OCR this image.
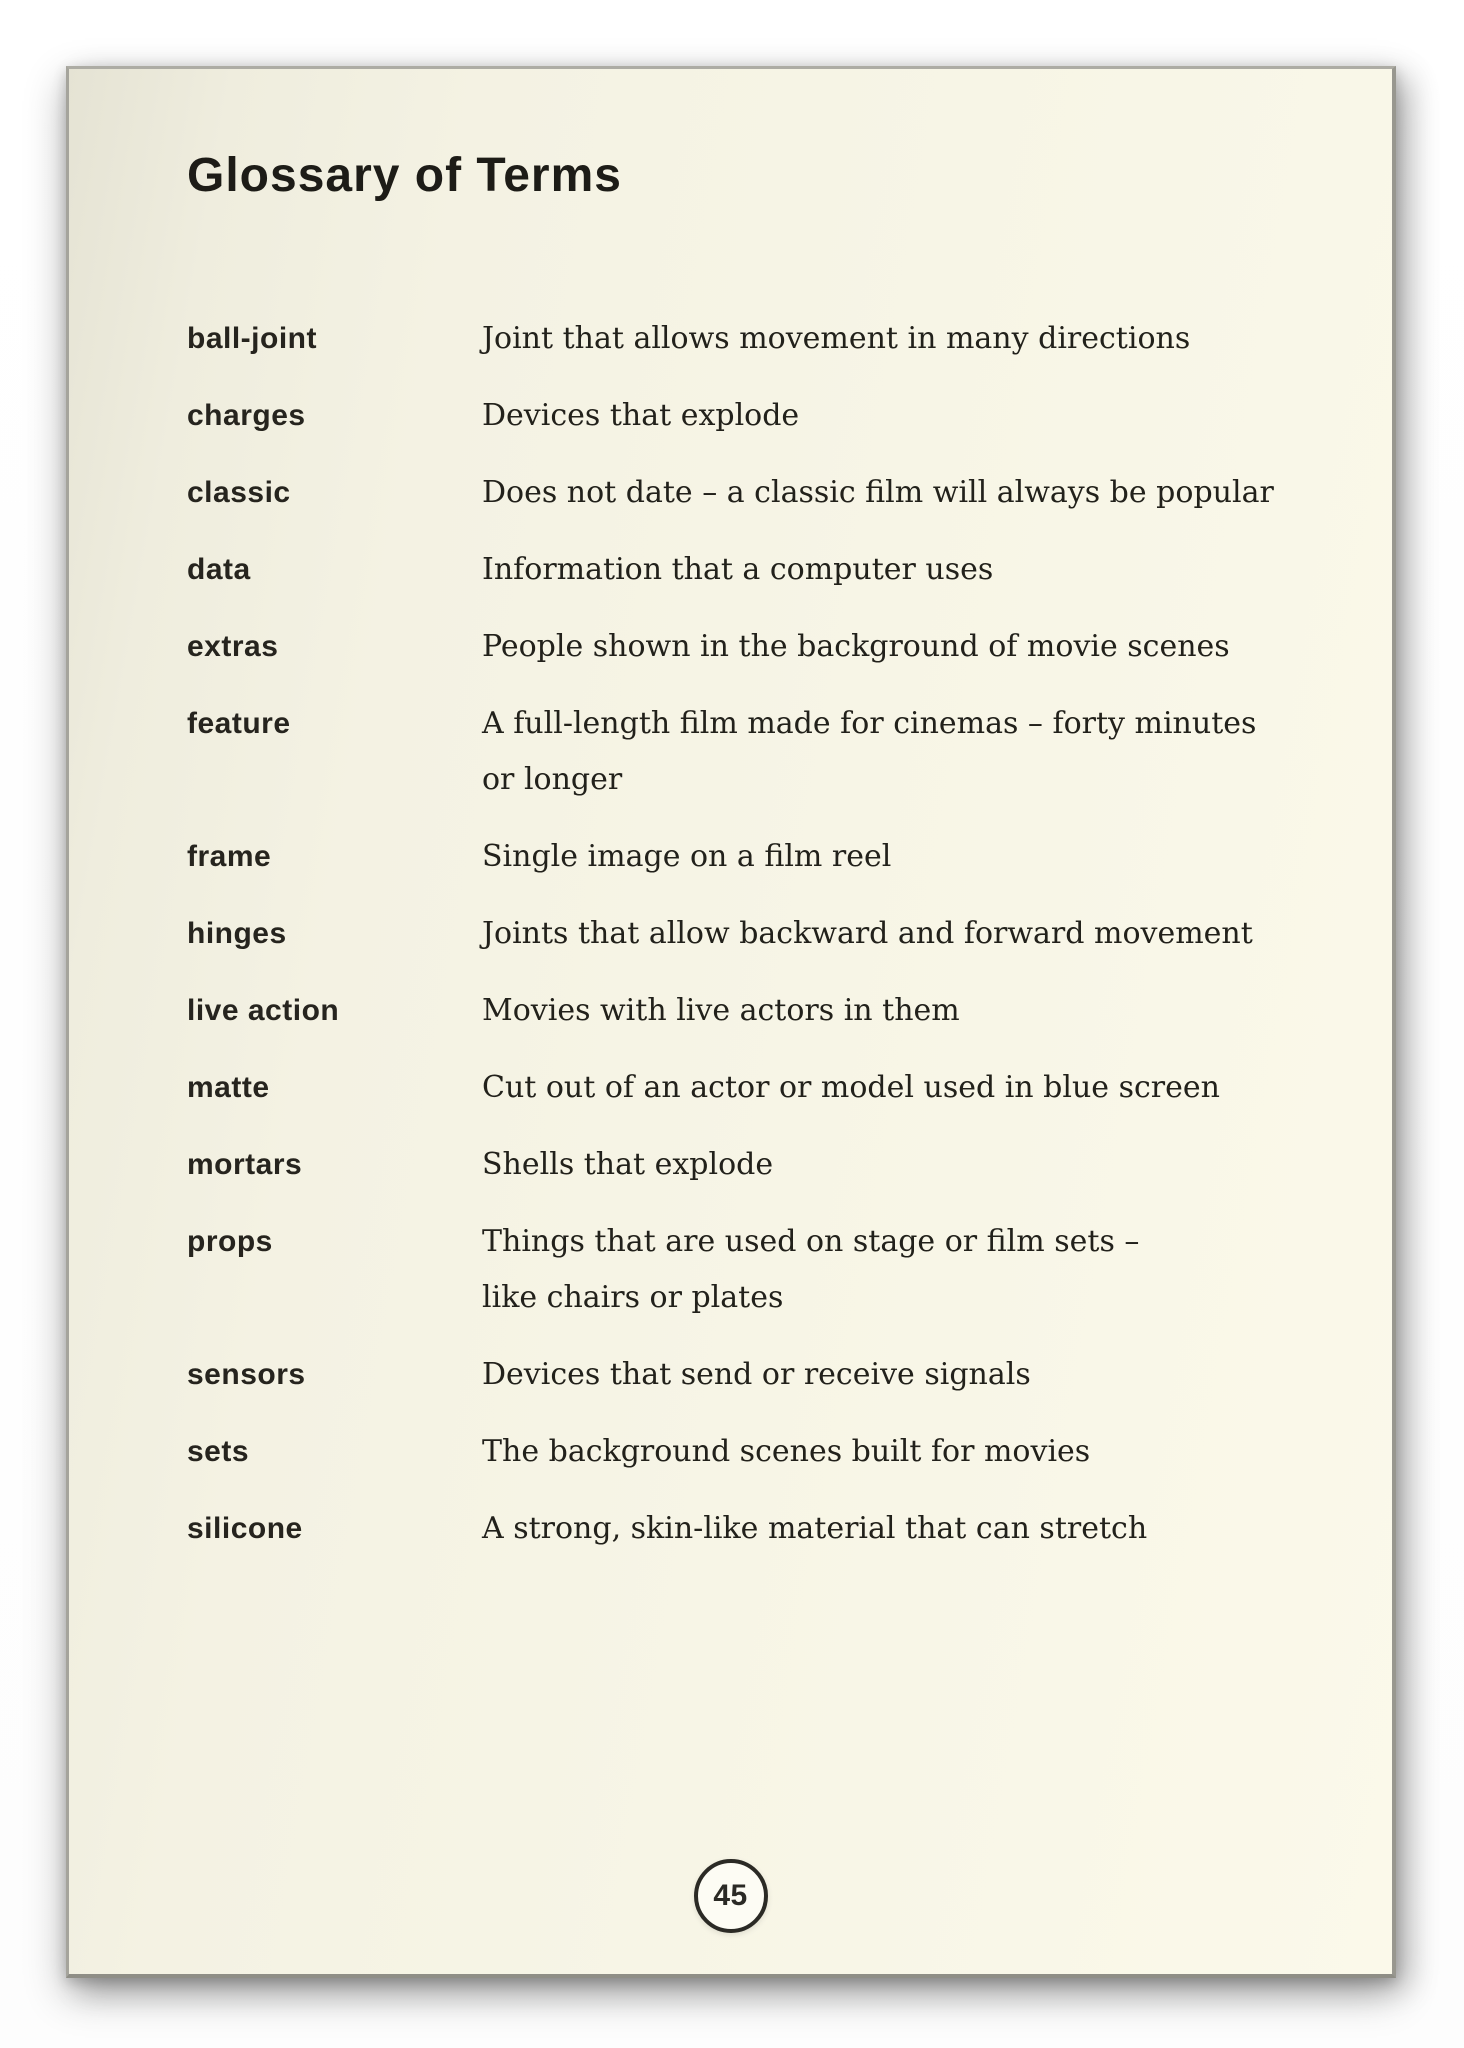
Glossary of Terms
ball-joint	Joint that allows movement in many directions
charges	Devices that explode
classic	Does not date – a classic film will always be popular
data	Information that a computer uses
extras	People shown in the background of movie scenes
feature	A full-length film made for cinemas – forty minutes
or longer
frame	Single image on a film reel
hinges	Joints that allow backward and forward movement
live action	Movies with live actors in them
matte	Cut out of an actor or model used in blue screen
mortars	Shells that explode
props	Things that are used on stage or film sets –
like chairs or plates
sensors	Devices that send or receive signals
sets	The background scenes built for movies
silicone	A strong, skin-like material that can stretch
45
